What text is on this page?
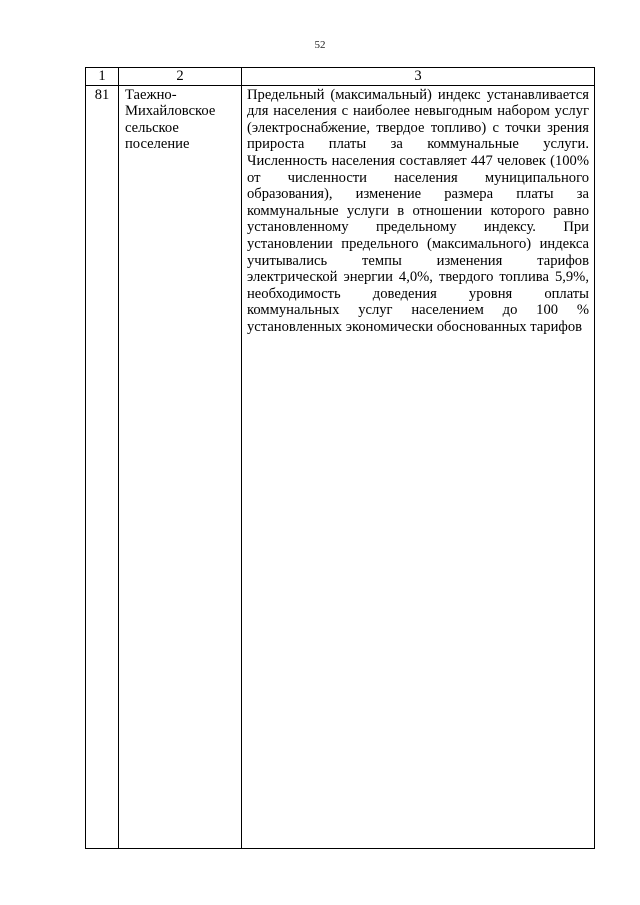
52
1	2	3
81	Таежно-Михайловское сельское поселение	Предельный (максимальный) индекс устанавливается для населения с наиболее невыгодным набором услуг (электроснабжение, твердое топливо) с точки зрения прироста платы за коммунальные услуги. Численность населения составляет 447 человек (100% от численности населения муниципального образования), изменение размера платы за коммунальные услуги в отношении которого равно установленному предельному индексу. При установлении предельного (максимального) индекса учитывались темпы изменения тарифов электрической энергии 4,0%, твердого топлива 5,9%, необходимость доведения уровня оплаты коммунальных услуг населением до 100 % установленных экономически обоснованных тарифов
